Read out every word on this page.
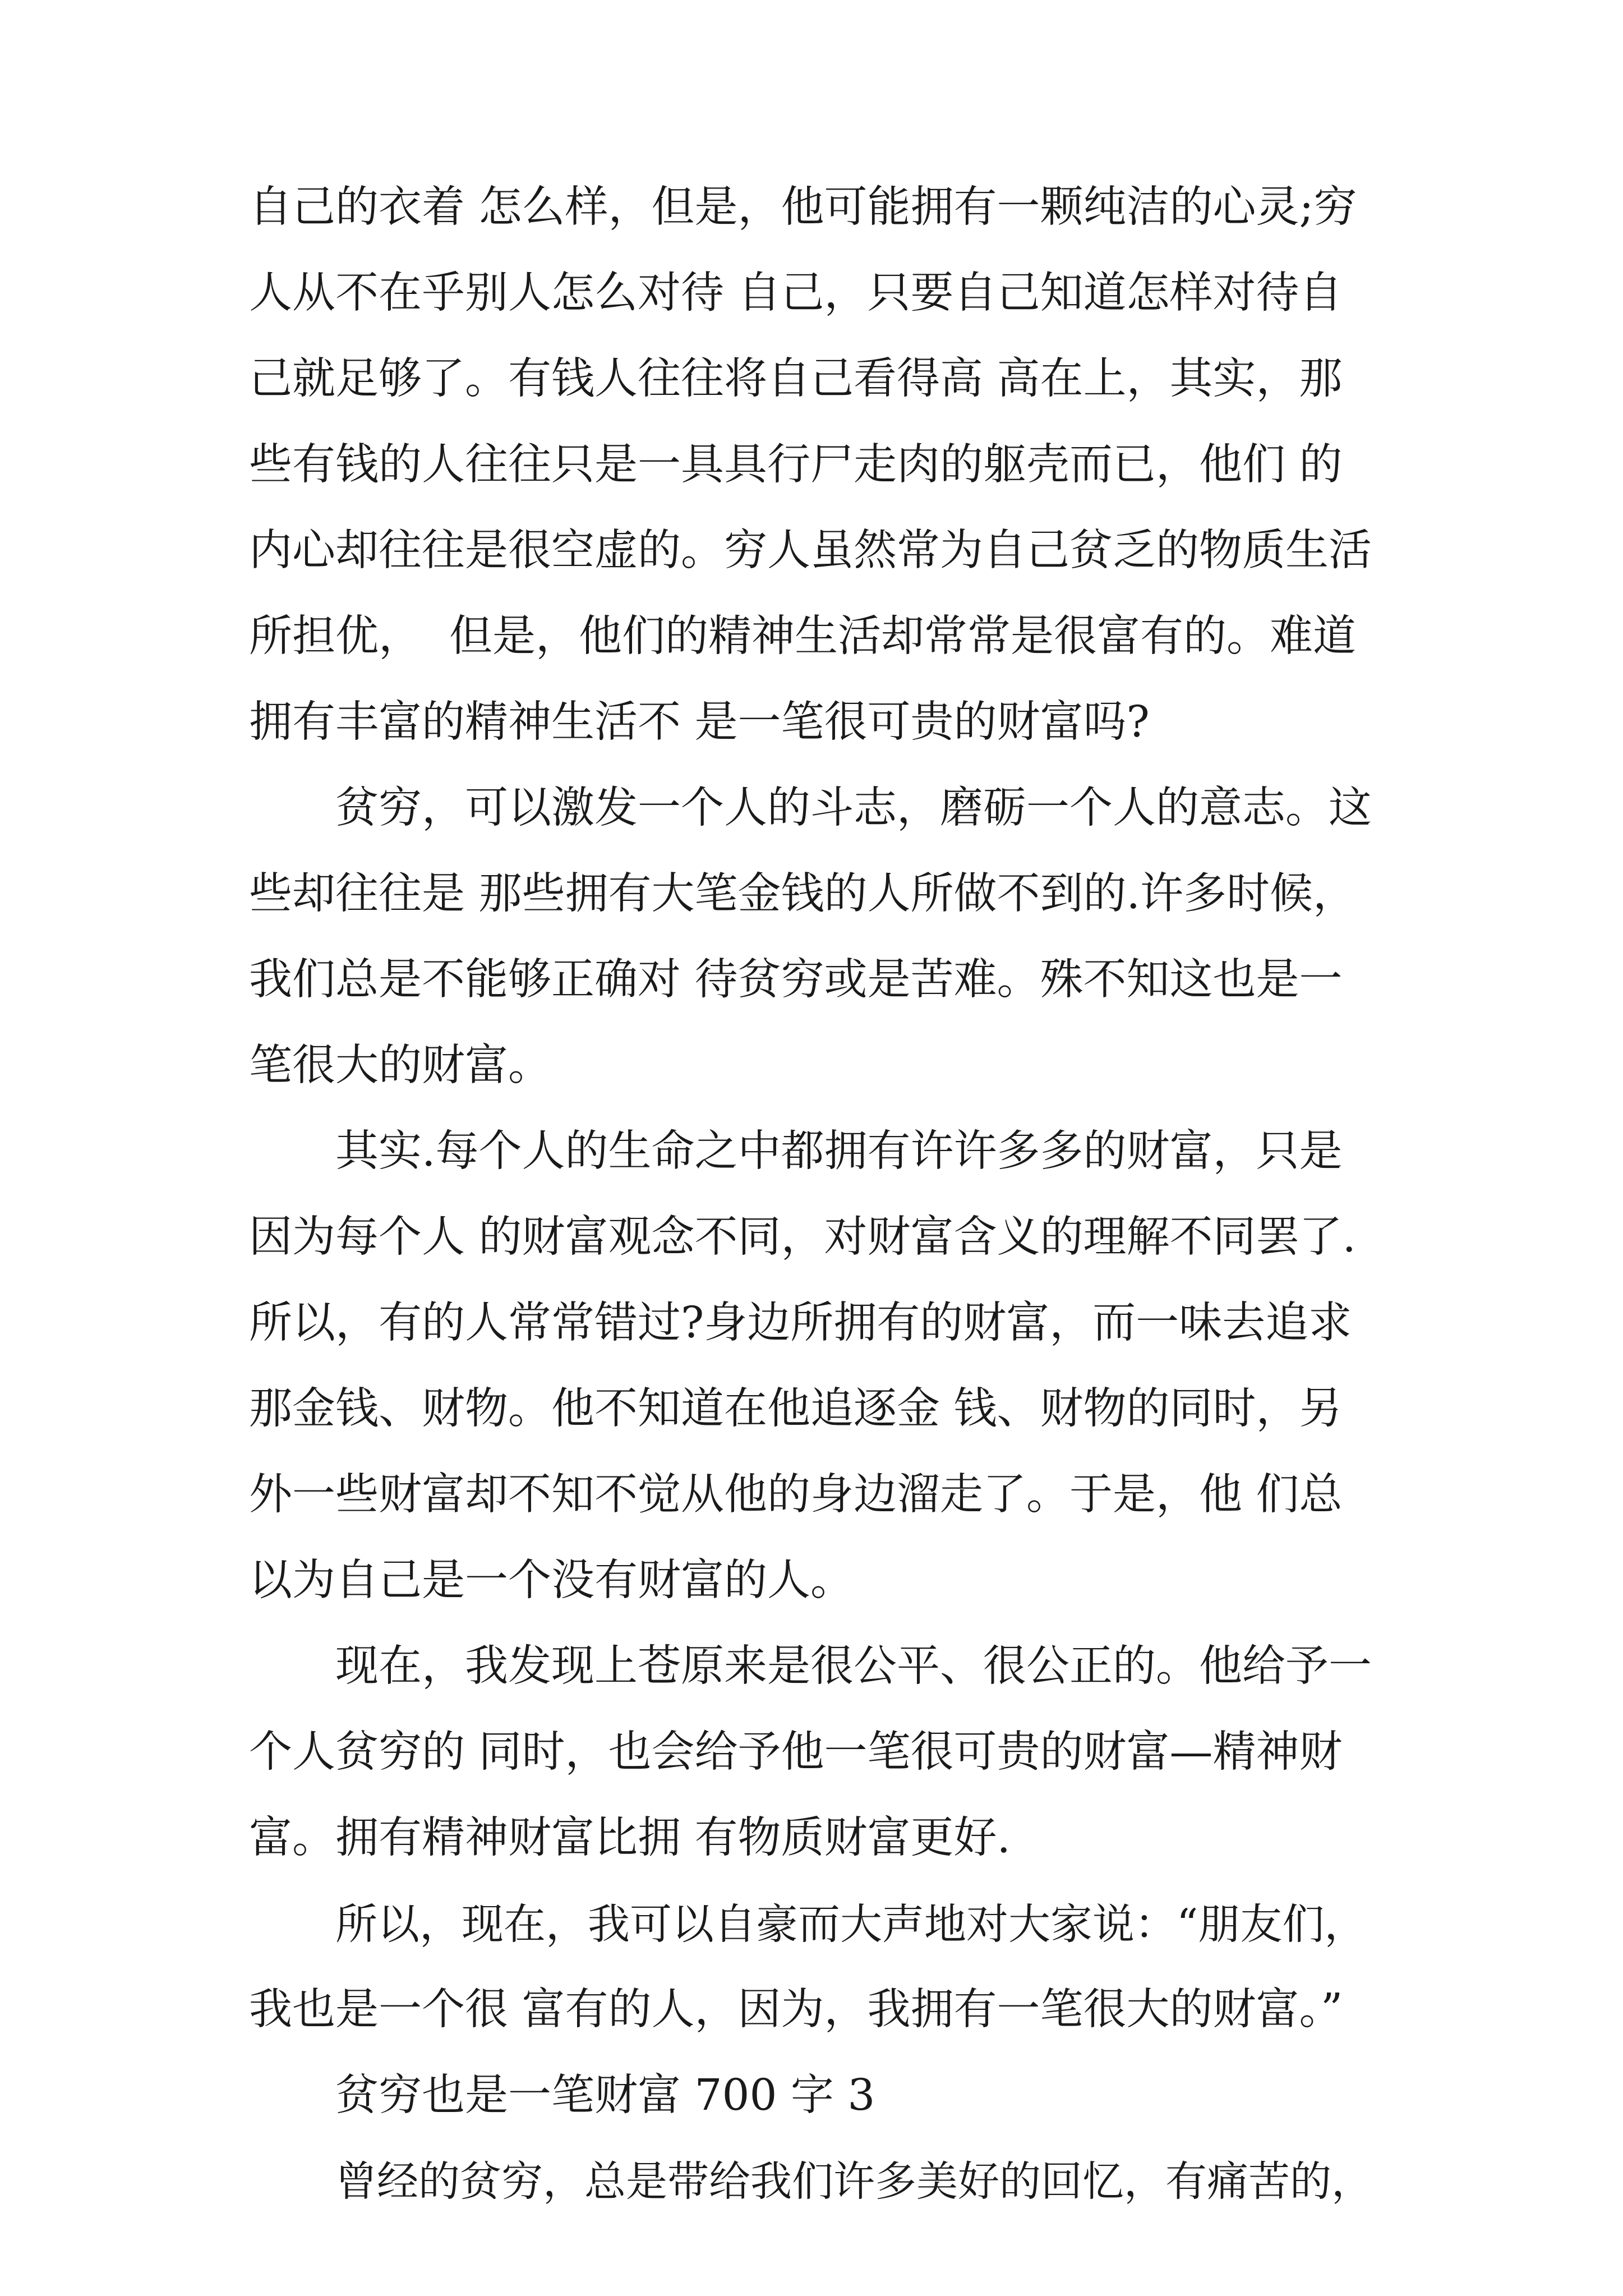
自己的衣着 怎么样，但是，他可能拥有一颗纯洁的心灵;穷
人从不在乎别人怎么对待 自己，只要自己知道怎样对待自
己就足够了。有钱人往往将自己看得高 高在上，其实，那
些有钱的人往往只是一具具行尸走肉的躯壳而已，他们 的
内心却往往是很空虚的。穷人虽然常为自己贫乏的物质生活
所担优，  但是，他们的精神生活却常常是很富有的。难道
拥有丰富的精神生活不 是一笔很可贵的财富吗?
贫穷，可以激发一个人的斗志，磨砺一个人的意志。这
些却往往是 那些拥有大笔金钱的人所做不到的.许多时候，
我们总是不能够正确对 待贫穷或是苦难。殊不知这也是一
笔很大的财富。
其实.每个人的生命之中都拥有许许多多的财富，只是
因为每个人 的财富观念不同，对财富含义的理解不同罢了.
所以，有的人常常错过?身边所拥有的财富，而一味去追求
那金钱、财物。他不知道在他追逐金 钱、财物的同时，另
外一些财富却不知不觉从他的身边溜走了。于是，他 们总
以为自己是一个没有财富的人。
现在，我发现上苍原来是很公平、很公正的。他给予一
个人贫穷的 同时，也会给予他一笔很可贵的财富—精神财
富。拥有精神财富比拥 有物质财富更好.
所以，现在，我可以自豪而大声地对大家说：“朋友们，
我也是一个很 富有的人，因为，我拥有一笔很大的财富。”
贫穷也是一笔财富 700 字 3
曾经的贫穷，总是带给我们许多美好的回忆，有痛苦的，
